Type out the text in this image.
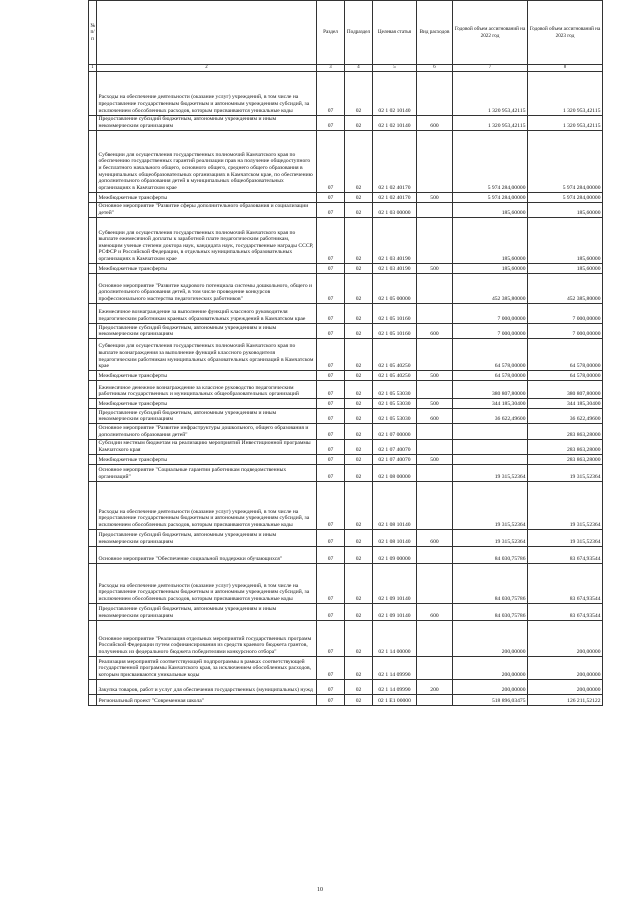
№ п/п		Раздел	Подраздел	Целевая статья	Вид расходов	Годовой объем ассигнований на 2022 год	Годовой объем ассигнований на 2023 год
1	2	3	4	5	6	7	8
	Расходы на обеспечение деятельности (оказание услуг) учреждений, в том числе на предоставление государственным бюджетным и автономным учреждениям субсидий, за исключением обособленных расходов, которым присваиваются уникальные коды	07	02	02 1 02 10140		1 320 953,42115	1 320 953,42115
	Предоставление субсидий бюджетным, автономным учреждениям и иным некоммерческим организациям	07	02	02 1 02 10140	600	1 320 953,42115	1 320 953,42115
	Субвенции для осуществления государственных полномочий Камчатского края по обеспечению государственных гарантий реализации прав на получение общедоступного и бесплатного начального общего, основного общего, среднего общего образования в муниципальных общеобразовательных организациях в Камчатском крае, по обеспечению дополнительного образования детей в муниципальных общеобразовательных организациях в Камчатском крае	07	02	02 1 02 40170		5 974 284,00000	5 974 284,00000
	Межбюджетные трансферты	07	02	02 1 02 40170	500	5 974 284,00000	5 974 284,00000
	Основное мероприятие "Развитие сферы дополнительного образования и социализации детей"	07	02	02 1 03 00000		185,60000	185,60000
	Субвенции для осуществления государственных полномочий Камчатского края по выплате ежемесячной доплаты к заработной плате педагогическим работникам, имеющим ученые степени доктора наук, кандидата наук, государственные награды СССР, РСФСР и Российской Федерации, в отдельных муниципальных образовательных организациях в Камчатском крае	07	02	02 1 03 40190		185,60000	185,60000
	Межбюджетные трансферты	07	02	02 1 03 40190	500	185,60000	185,60000
	Основное мероприятие "Развитие кадрового потенциала системы дошкольного, общего и дополнительного образования детей, в том числе проведение конкурсов профессионального мастерства педагогических работников"	07	02	02 1 05 00000		452 385,80000	452 385,80000
	Ежемесячное вознаграждение за выполнение функций классного руководителя педагогическим работникам краевых образовательных учреждений в Камчатском крае	07	02	02 1 05 10160		7 000,00000	7 000,00000
	Предоставление субсидий бюджетным, автономным учреждениям и иным некоммерческим организациям	07	02	02 1 05 10160	600	7 000,00000	7 000,00000
	Субвенции для осуществления государственных полномочий Камчатского края по выплате вознаграждения за выполнение функций классного руководителя педагогическим работникам муниципальных образовательных организаций в Камчатском крае	07	02	02 1 05 40250		64 578,00000	64 578,00000
	Межбюджетные трансферты	07	02	02 1 05 40250	500	64 578,00000	64 578,00000
	Ежемесячное денежное вознаграждение за классное руководство педагогическим работникам государственных и муниципальных общеобразовательных организаций	07	02	02 1 05 53030		380 807,80000	380 807,80000
	Межбюджетные трансферты	07	02	02 1 05 53030	500	344 185,30400	344 185,30400
	Предоставление субсидий бюджетным, автономным учреждениям и иным некоммерческим организациям	07	02	02 1 05 53030	600	36 622,49600	36 622,49600
	Основное мероприятие "Развитие инфраструктуры дошкольного, общего образования и дополнительного образования детей"	07	02	02 1 07 00000			283 863,28000
	Субсидии местным бюджетам на реализацию мероприятий Инвестиционной программы Камчатского края	07	02	02 1 07 40070			283 863,28000
	Межбюджетные трансферты	07	02	02 1 07 40070	500		283 863,28000
	Основное мероприятие "Социальные гарантии работникам подведомственных организаций"	07	02	02 1 08 00000		19 315,52364	19 315,52364
	Расходы на обеспечение деятельности (оказание услуг) учреждений, в том числе на предоставление государственным бюджетным и автономным учреждениям субсидий, за исключением обособленных расходов, которым присваиваются уникальные коды	07	02	02 1 08 10140		19 315,52364	19 315,52364
	Предоставление субсидий бюджетным, автономным учреждениям и иным некоммерческим организациям	07	02	02 1 08 10140	600	19 315,52364	19 315,52364
	Основное мероприятие "Обеспечение социальной поддержки обучающихся"	07	02	02 1 09 00000		84 030,75786	83 674,93544
	Расходы на обеспечение деятельности (оказание услуг) учреждений, в том числе на предоставление государственным бюджетным и автономным учреждениям субсидий, за исключением обособленных расходов, которым присваиваются уникальные коды	07	02	02 1 09 10140		84 030,75786	83 674,93544
	Предоставление субсидий бюджетным, автономным учреждениям и иным некоммерческим организациям	07	02	02 1 09 10140	600	84 030,75786	83 674,93544
	Основное мероприятие "Реализация отдельных мероприятий государственных программ Российской Федерации путем софинансирования из средств краевого бюджета грантов, полученных из федерального бюджета победителями конкурсного отбора"	07	02	02 1 14 00000		200,00000	200,00000
	Реализация мероприятий соответствующей подпрограммы в рамках соответствующей государственной программы Камчатского края, за исключением обособленных расходов, которым присваиваются уникальные коды	07	02	02 1 14 09990		200,00000	200,00000
	Закупка товаров, работ и услуг для обеспечения государственных (муниципальных) нужд	07	02	02 1 14 09990	200	200,00000	200,00000
	Региональный проект "Современная школа"	07	02	02 1 E1 00000		518 896,03475	126 211,52122
10
